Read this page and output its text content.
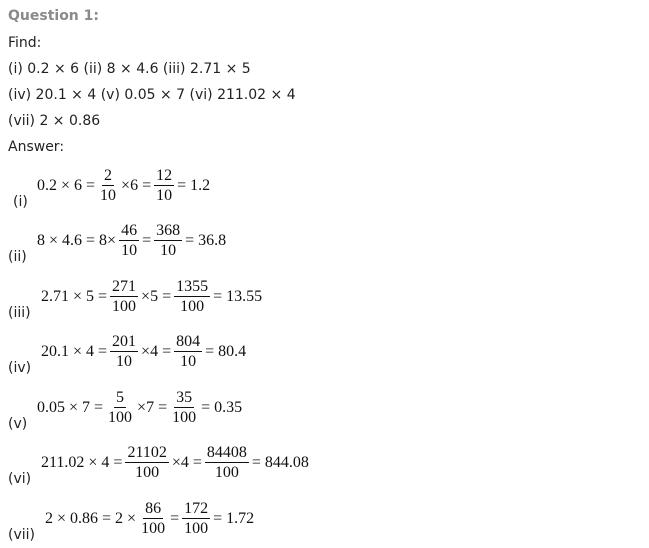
Question 1:
Find:
(i) 0.2 × 6 (ii) 8 × 4.6 (iii) 2.71 × 5
(iv) 20.1 × 4 (v) 0.05 × 7 (vi) 211.02 × 4
(vii) 2 × 0.86
Answer:
$0.2 \times 6 = \frac{2}{10} \times 6 = \frac{12}{10} = 1.2$
(i)
$8 \times 4.6 = 8\times \frac{46}{10} = \frac{368}{10} = 36.8$
(ii)
$2.71 \times 5 = \frac{271}{100} \times 5 = \frac{1355}{100} = 13.55$
(iii)
$20.1 \times 4 = \frac{201}{10} \times 4 = \frac{804}{10} = 80.4$
(iv)
$0.05 \times 7 = \frac{5}{100} \times 7 = \frac{35}{100} = 0.35$
(v)
$211.02 \times 4 = \frac{21102}{100} \times 4 = \frac{84408}{100} = 844.08$
(vi)
$2 \times 0.86 = 2 \times \frac{86}{100} = \frac{172}{100} = 1.72$
(vii)
